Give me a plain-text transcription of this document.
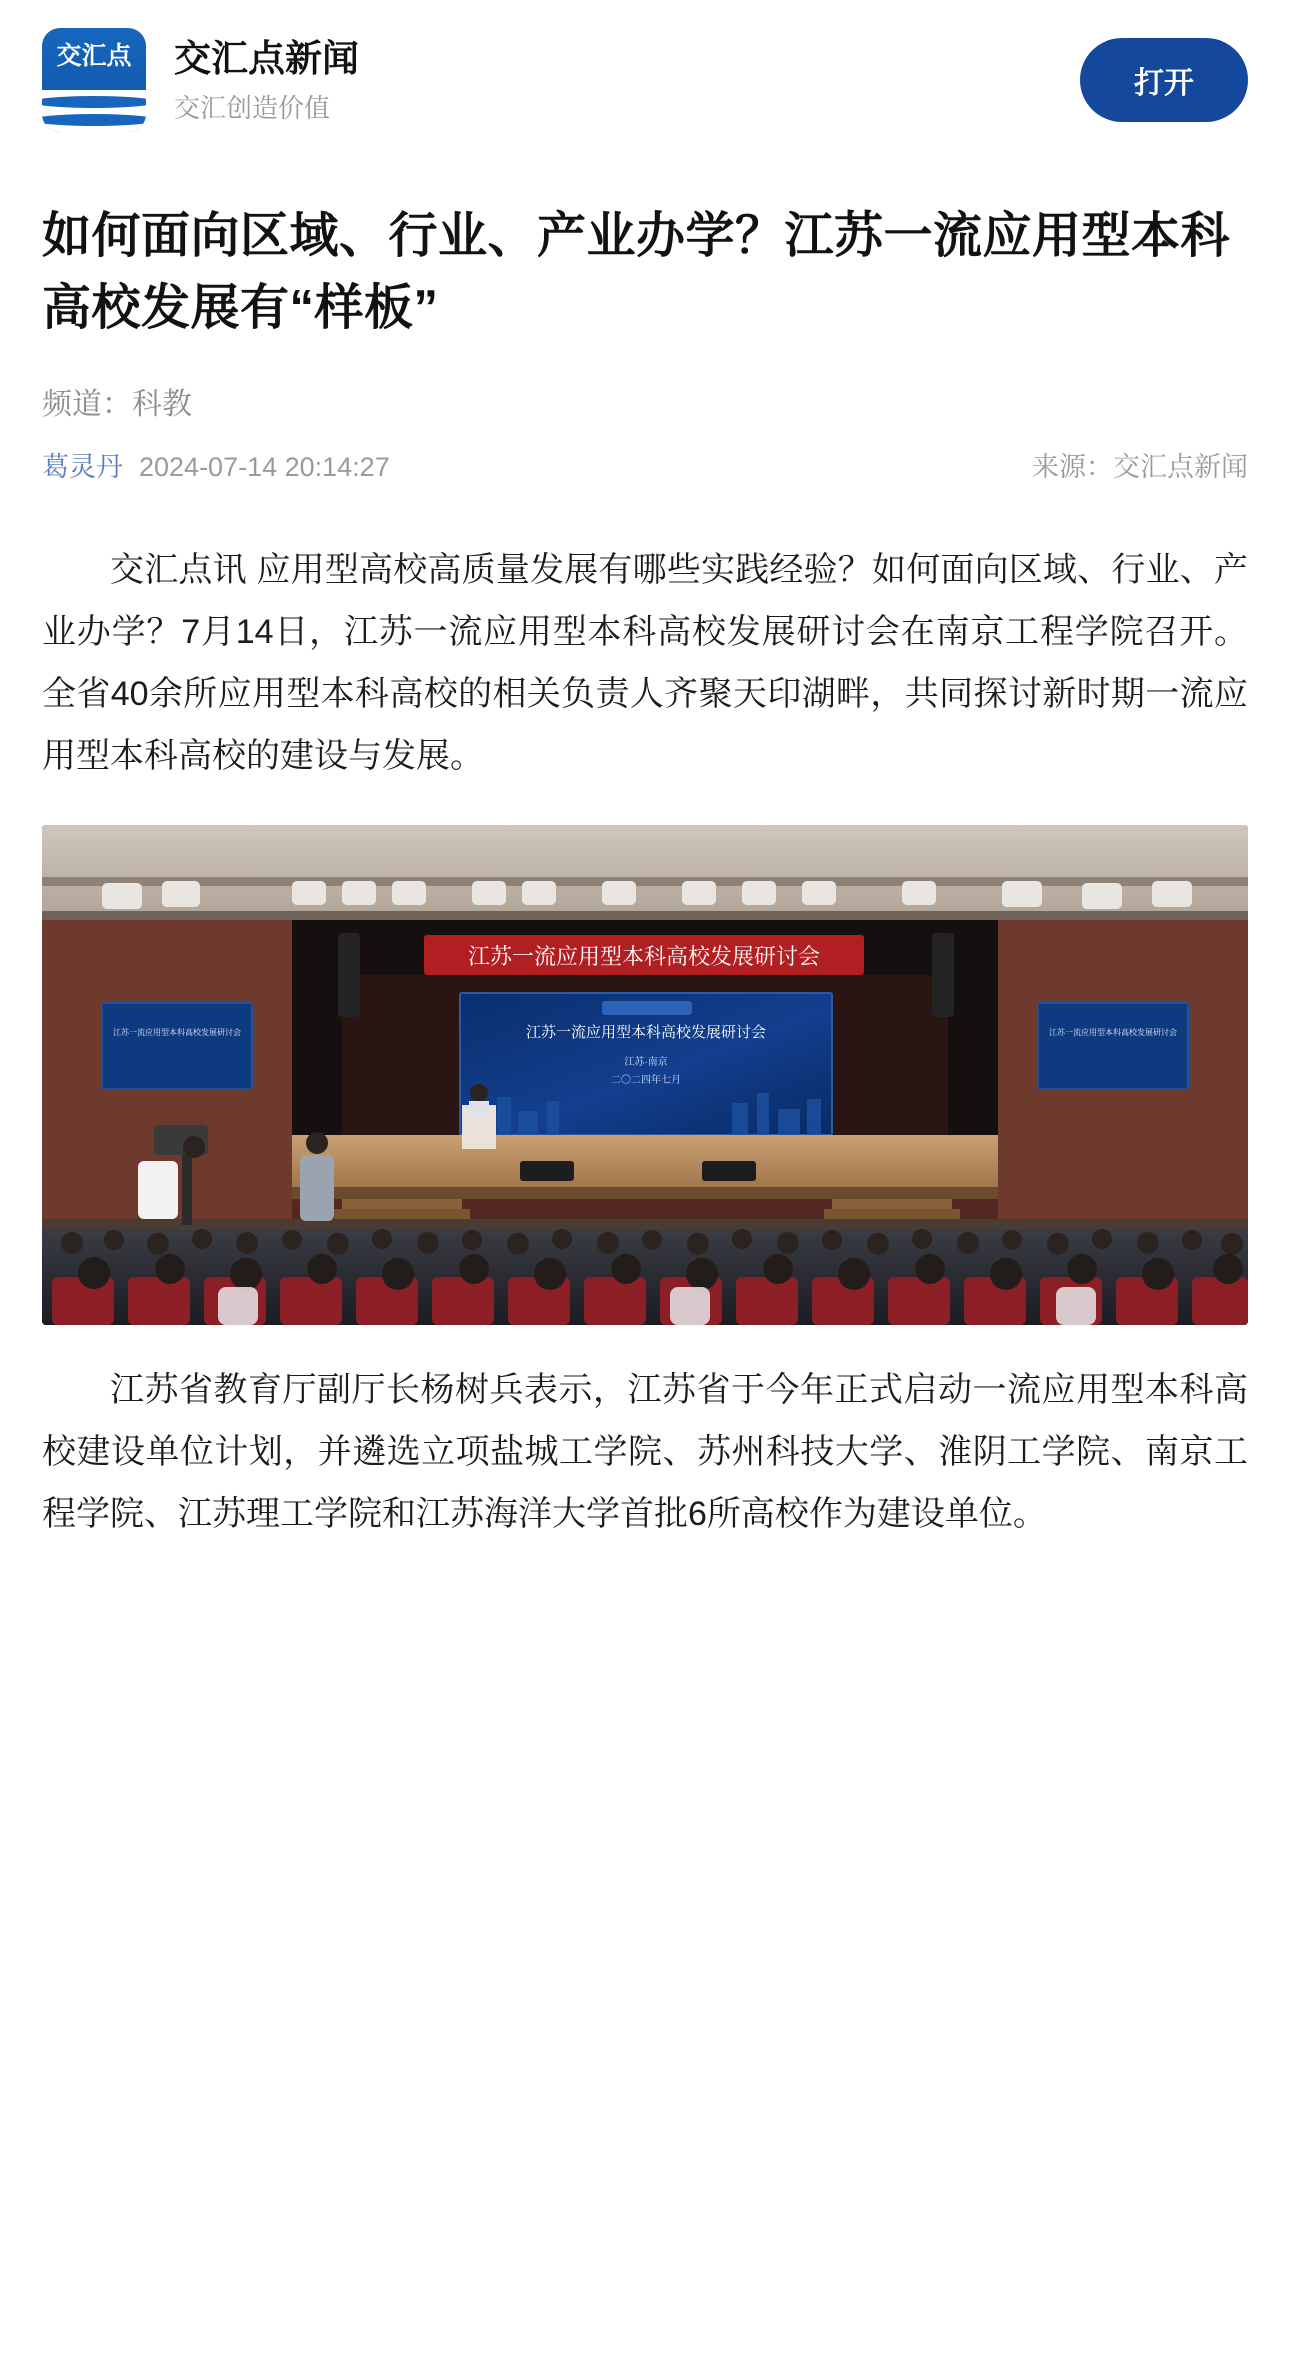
交汇点	交汇点新闻
交汇创造价值
打开
如何面向区域、行业、产业办学？江苏一流应用型本科高校发展有“样板”
频道：科教
葛灵丹 2024-07-14 20:14:27	来源：交汇点新闻

交汇点讯 应用型高校高质量发展有哪些实践经验？如何面向区域、行业、产业办学？7月14日，江苏一流应用型本科高校发展研讨会在南京工程学院召开。全省40余所应用型本科高校的相关负责人齐聚天印湖畔，共同探讨新时期一流应用型本科高校的建设与发展。

江苏一流应用型本科高校发展研讨会
江苏一流应用型本科高校发展研讨会
江苏·南京
二〇二四年七月
江苏一流应用型本科高校发展研讨会	江苏一流应用型本科高校发展研讨会

江苏省教育厅副厅长杨树兵表示，江苏省于今年正式启动一流应用型本科高校建设单位计划，并遴选立项盐城工学院、苏州科技大学、淮阴工学院、南京工程学院、江苏理工学院和江苏海洋大学首批6所高校作为建设单位。
